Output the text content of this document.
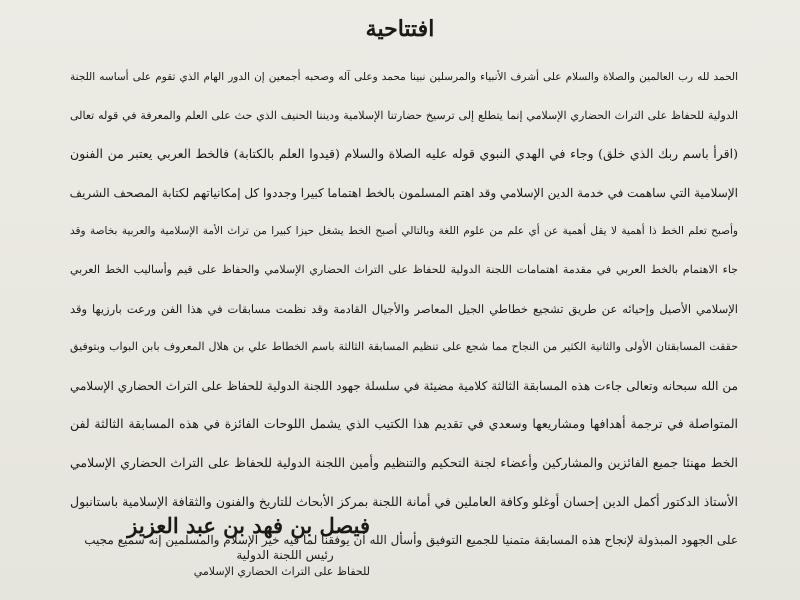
افتتاحية
الحمد لله رب العالمين والصلاة والسلام على أشرف الأنبياء والمرسلين نبينا محمد وعلى آله وصحبه أجمعين إن الدور الهام الذي تقوم على أساسه اللجنة
الدولية للحفاظ على التراث الحضاري الإسلامي إنما يتطلع إلى ترسيخ حضارتنا الإسلامية وديننا الحنيف الذي حث على العلم والمعرفة في قوله تعالى
(اقرأ باسم ربك الذي خلق) وجاء في الهدي النبوي قوله عليه الصلاة والسلام (قيدوا العلم بالكتابة) فالخط العربي يعتبر من الفنون
الإسلامية التي ساهمت في خدمة الدين الإسلامي وقد اهتم المسلمون بالخط اهتماما كبيرا وجددوا كل إمكانياتهم لكتابة المصحف الشريف
وأصبح تعلم الخط ذا أهمية لا يقل أهمية عن أي علم من علوم اللغة وبالتالي أصبح الخط يشغل حيزا كبيرا من تراث الأمة الإسلامية والعربية بخاصة وقد
جاء الاهتمام بالخط العربي في مقدمة اهتمامات اللجنة الدولية للحفاظ على التراث الحضاري الإسلامي والحفاظ على قيم وأساليب الخط العربي
الإسلامي الأصيل وإحيائه عن طريق تشجيع خطاطي الجيل المعاصر والأجيال القادمة وقد نظمت مسابقات في هذا الفن ورعت بارزيها وقد
حققت المسابقتان الأولى والثانية الكثير من النجاح مما شجع على تنظيم المسابقة الثالثة باسم الخطاط علي بن هلال المعروف بابن البواب وبتوفيق
من الله سبحانه وتعالى جاءت هذه المسابقة الثالثة كلامية مضيئة في سلسلة جهود اللجنة الدولية للحفاظ على التراث الحضاري الإسلامي
المتواصلة في ترجمة أهدافها ومشاريعها وسعدي في تقديم هذا الكتيب الذي يشمل اللوحات الفائزة في هذه المسابقة الثالثة لفن
الخط مهنئا جميع الفائزين والمشاركين وأعضاء لجنة التحكيم والتنظيم وأمين اللجنة الدولية للحفاظ على التراث الحضاري الإسلامي
الأستاذ الدكتور أكمل الدين إحسان أوغلو وكافة العاملين في أمانة اللجنة بمركز الأبحاث للتاريخ والفنون والثقافة الإسلامية باستانبول
على الجهود المبذولة لإنجاح هذه المسابقة متمنيا للجميع التوفيق وأسأل الله أن يوفقنا لما فيه خير الإسلام والمسلمين إنه سميع مجيب
فيصل بن فهد بن عبد العزيز
رئيس اللجنة الدولية
للحفاظ على التراث الحضاري الإسلامي
